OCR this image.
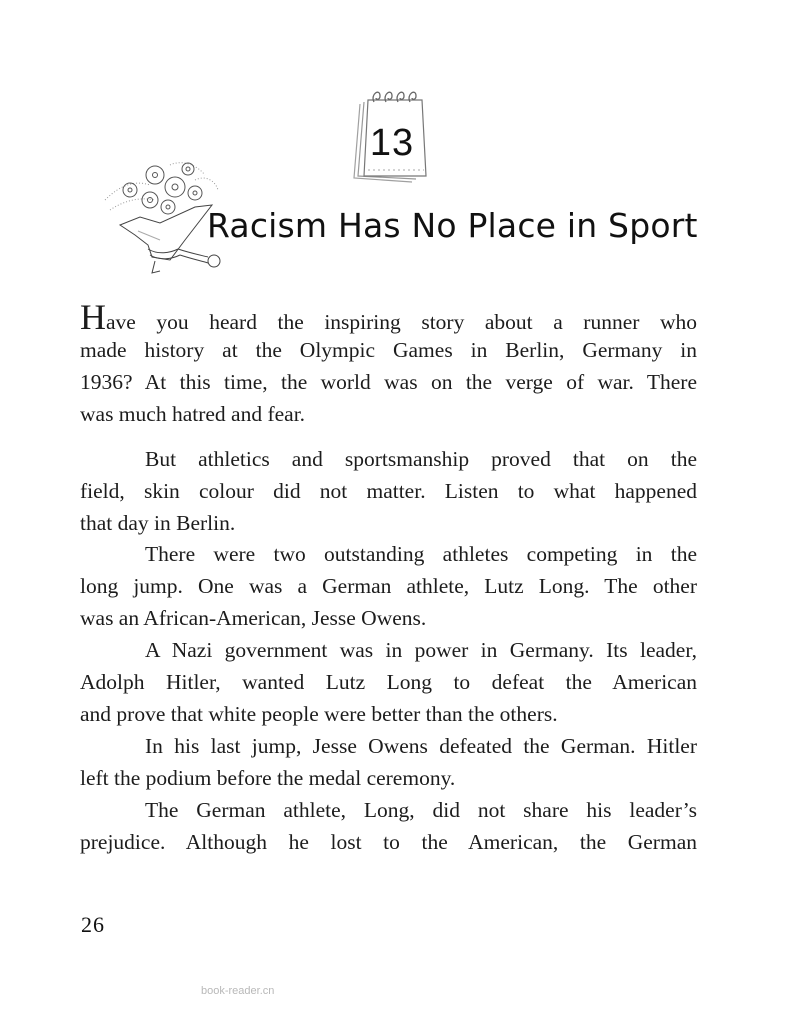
13
Racism Has No Place in Sport
Have you heard the inspiring story about a runner who
made history at the Olympic Games in Berlin, Germany in
1936? At this time, the world was on the verge of war. There
was much hatred and fear.
But athletics and sportsmanship proved that on the
field, skin colour did not matter. Listen to what happened
that day in Berlin.
There were two outstanding athletes competing in the
long jump. One was a German athlete, Lutz Long. The other
was an African-American, Jesse Owens.
A Nazi government was in power in Germany. Its leader,
Adolph Hitler, wanted Lutz Long to defeat the American
and prove that white people were better than the others.
In his last jump, Jesse Owens defeated the German. Hitler
left the podium before the medal ceremony.
The German athlete, Long, did not share his leader’s
prejudice. Although he lost to the American, the German
26
book-reader.cn
